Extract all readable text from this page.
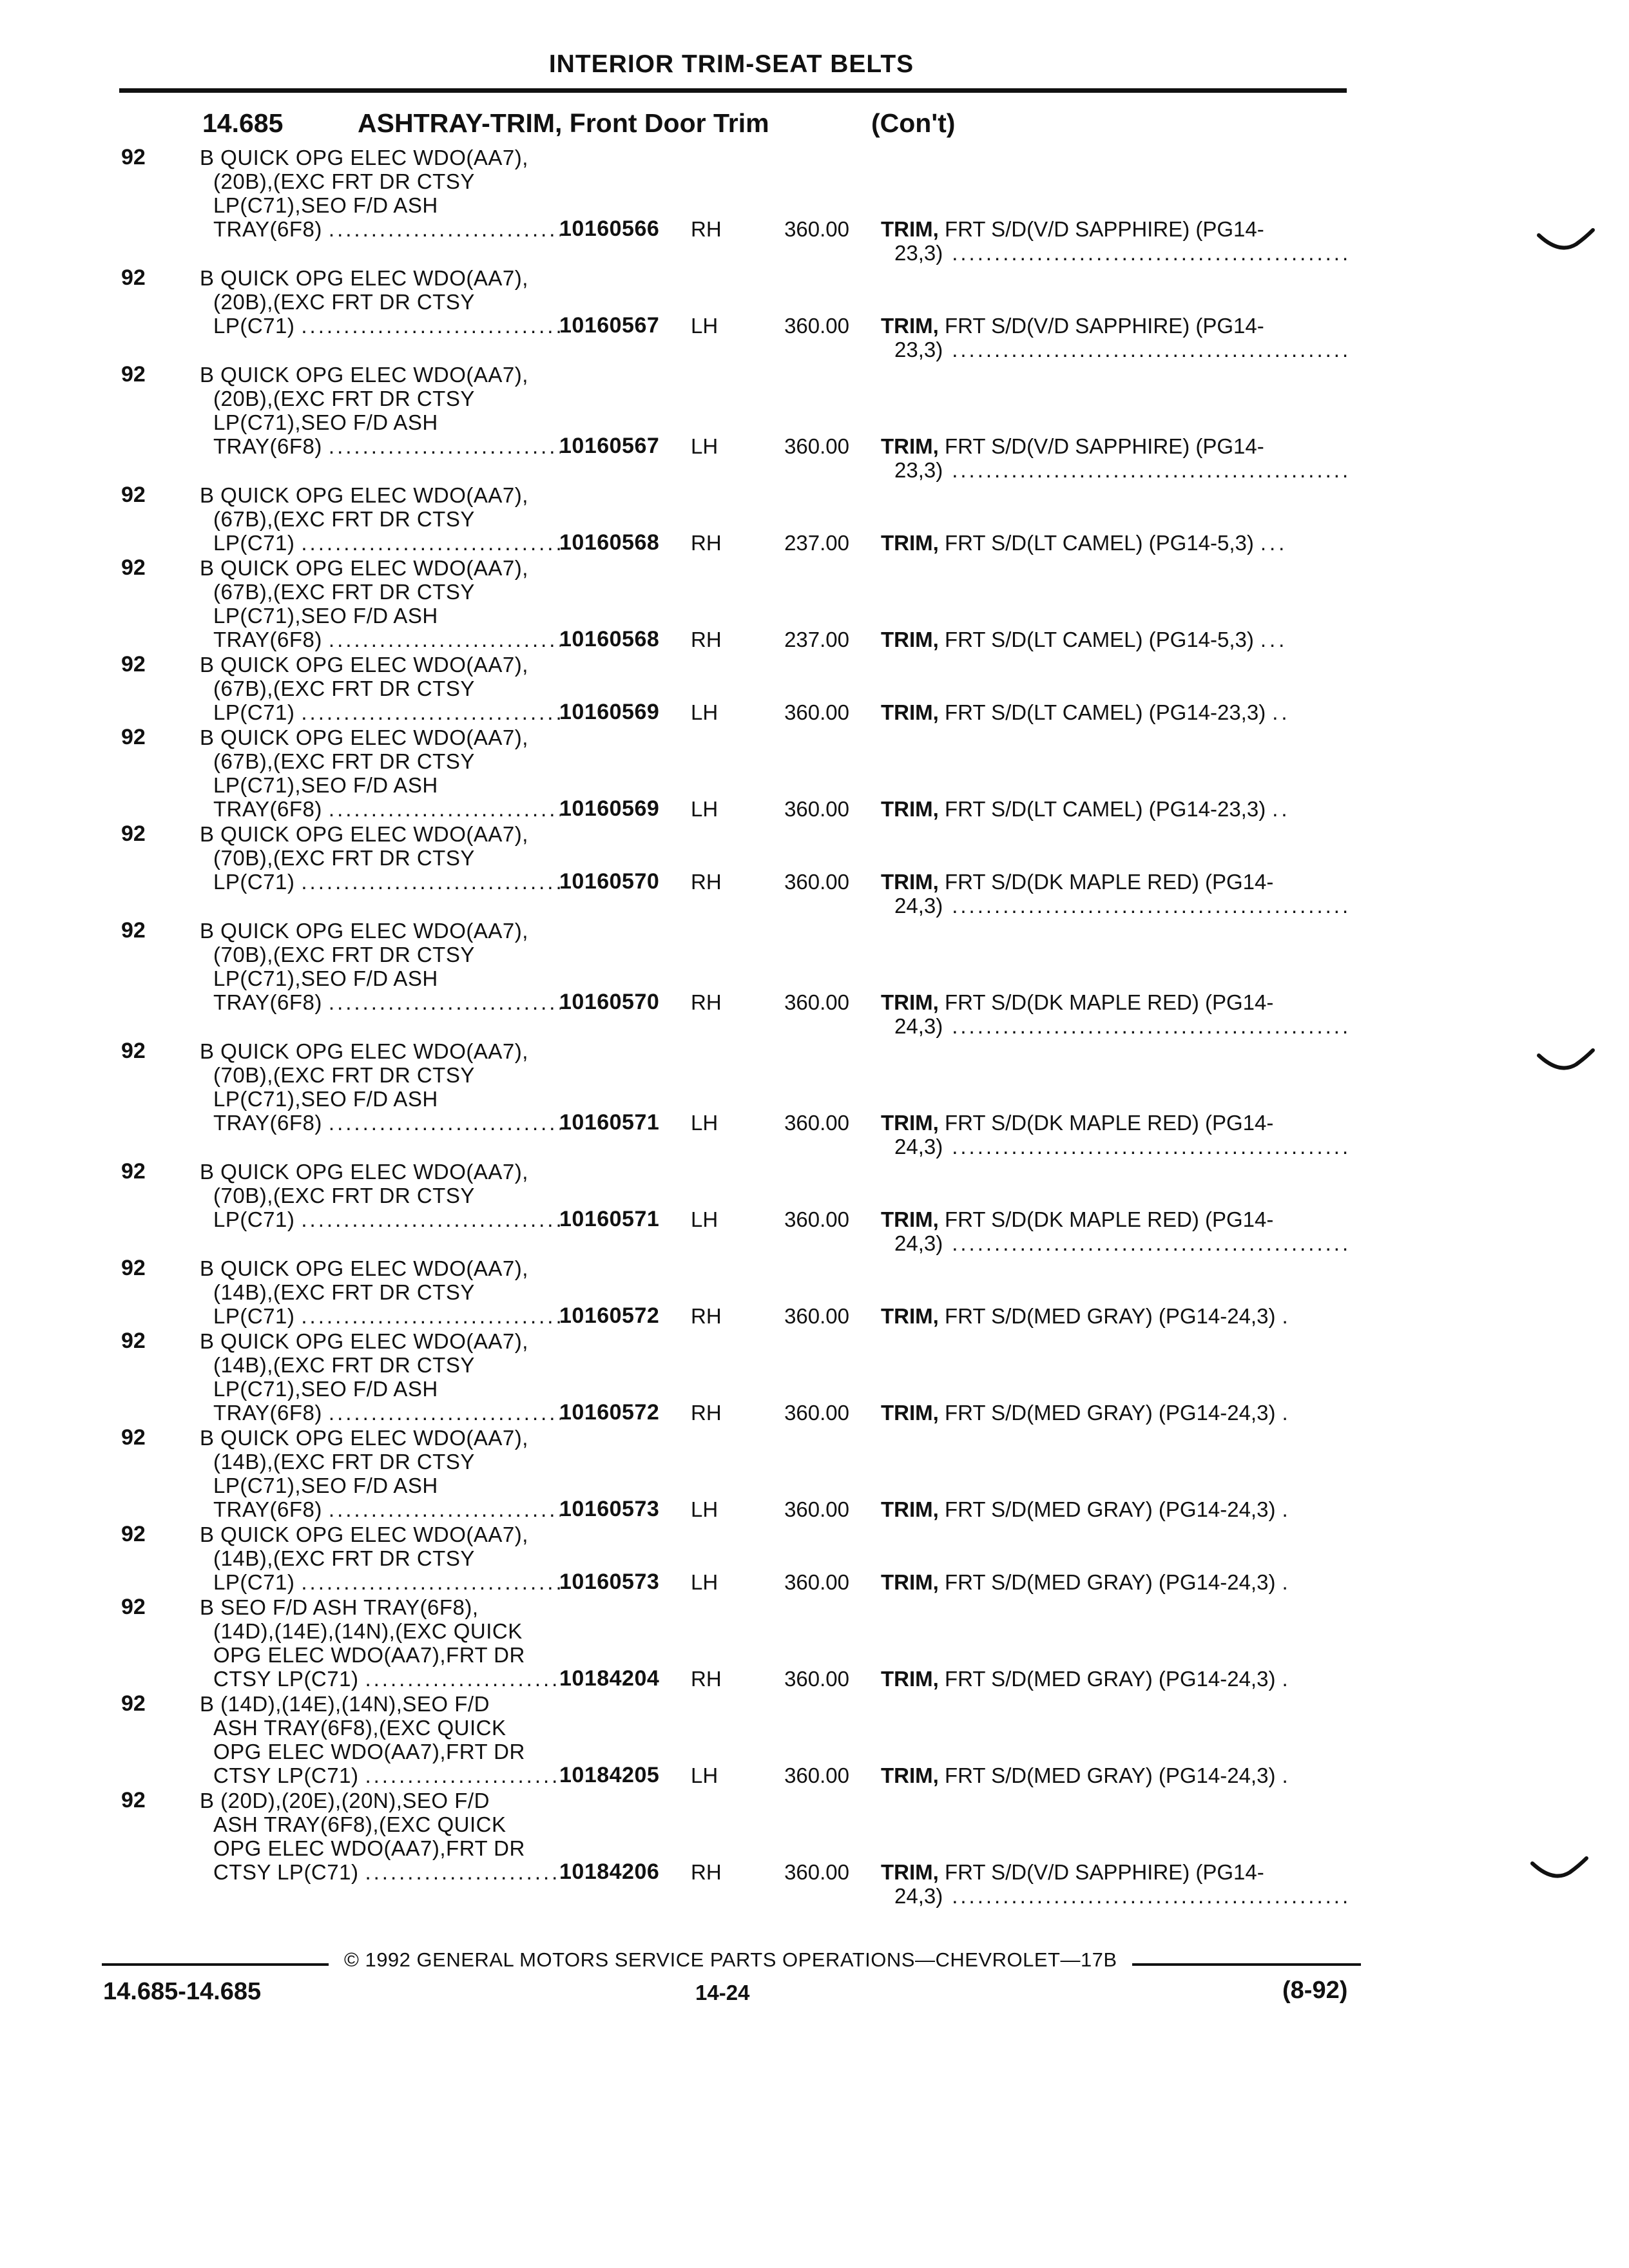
INTERIOR TRIM-SEAT BELTS
14.685	ASHTRAY-TRIM, Front Door Trim	(Con't)
92	B QUICK OPG ELEC WDO(AA7),
(20B),(EXC FRT DR CTSY
LP(C71),SEO F/D ASH
TRAY(6F8) .....	10160566 RH	360.00 TRIM, FRT S/D(V/D SAPPHIRE) (PG14-
23,3)
.....
92	B QUICK OPG ELEC WDO(AA7),
(20B),(EXC FRT DR CTSY
LP(C71) .....	10160567 LH	360.00 TRIM, FRT S/D(V/D SAPPHIRE) (PG14-
23,3)
.....
92	B QUICK OPG ELEC WDO(AA7),
(20B),(EXC FRT DR CTSY
LP(C71),SEO F/D ASH
TRAY(6F8) .....	10160567 LH	360.00 TRIM, FRT S/D(V/D SAPPHIRE) (PG14-
23,3)
.....
92	B QUICK OPG ELEC WDO(AA7),
(67B),(EXC FRT DR CTSY
LP(C71) .....	10160568 RH	237.00 TRIM, FRT S/D(LT CAMEL) (PG14-5,3) ...
92	B QUICK OPG ELEC WDO(AA7),
(67B),(EXC FRT DR CTSY
LP(C71),SEO F/D ASH
TRAY(6F8) .....	10160568 RH	237.00 TRIM, FRT S/D(LT CAMEL) (PG14-5,3) ...
92	B QUICK OPG ELEC WDO(AA7),
(67B),(EXC FRT DR CTSY
LP(C71) .....	10160569 LH	360.00 TRIM, FRT S/D(LT CAMEL) (PG14-23,3) ..
92	B QUICK OPG ELEC WDO(AA7),
(67B),(EXC FRT DR CTSY
LP(C71),SEO F/D ASH
TRAY(6F8) .....	10160569 LH	360.00 TRIM, FRT S/D(LT CAMEL) (PG14-23,3) ..
92	B QUICK OPG ELEC WDO(AA7),
(70B),(EXC FRT DR CTSY
LP(C71) .....	10160570 RH	360.00 TRIM, FRT S/D(DK MAPLE RED) (PG14-
24,3)
.....
92	B QUICK OPG ELEC WDO(AA7),
(70B),(EXC FRT DR CTSY
LP(C71),SEO F/D ASH
TRAY(6F8) .....	10160570 RH	360.00 TRIM, FRT S/D(DK MAPLE RED) (PG14-
24,3)
.....
92	B QUICK OPG ELEC WDO(AA7),
(70B),(EXC FRT DR CTSY
LP(C71),SEO F/D ASH
TRAY(6F8) .....	10160571 LH	360.00 TRIM, FRT S/D(DK MAPLE RED) (PG14-
24,3)
.....
92	B QUICK OPG ELEC WDO(AA7),
(70B),(EXC FRT DR CTSY
LP(C71) .....	10160571 LH	360.00 TRIM, FRT S/D(DK MAPLE RED) (PG14-
24,3)
.....
92	B QUICK OPG ELEC WDO(AA7),
(14B),(EXC FRT DR CTSY
LP(C71) .....	10160572 RH	360.00 TRIM, FRT S/D(MED GRAY) (PG14-24,3) .
92	B QUICK OPG ELEC WDO(AA7),
(14B),(EXC FRT DR CTSY
LP(C71),SEO F/D ASH
TRAY(6F8) .....	10160572 RH	360.00 TRIM, FRT S/D(MED GRAY) (PG14-24,3) .
92	B QUICK OPG ELEC WDO(AA7),
(14B),(EXC FRT DR CTSY
LP(C71),SEO F/D ASH
TRAY(6F8) .....	10160573 LH	360.00 TRIM, FRT S/D(MED GRAY) (PG14-24,3) .
92	B QUICK OPG ELEC WDO(AA7),
(14B),(EXC FRT DR CTSY
LP(C71) .....	10160573 LH	360.00 TRIM, FRT S/D(MED GRAY) (PG14-24,3) .
92	B SEO F/D ASH TRAY(6F8),
(14D),(14E),(14N),(EXC QUICK
OPG ELEC WDO(AA7),FRT DR
CTSY LP(C71) .....	10184204 RH	360.00 TRIM, FRT S/D(MED GRAY) (PG14-24,3) .
92	B (14D),(14E),(14N),SEO F/D
ASH TRAY(6F8),(EXC QUICK
OPG ELEC WDO(AA7),FRT DR
CTSY LP(C71) .....	10184205 LH	360.00 TRIM, FRT S/D(MED GRAY) (PG14-24,3) .
92	B (20D),(20E),(20N),SEO F/D
ASH TRAY(6F8),(EXC QUICK
OPG ELEC WDO(AA7),FRT DR
CTSY LP(C71) .....	10184206 RH	360.00 TRIM, FRT S/D(V/D SAPPHIRE) (PG14-
24,3)
.....
© 1992 GENERAL MOTORS SERVICE PARTS OPERATIONS—CHEVROLET—17B
14.685-14.685	14-24	(8-92)
